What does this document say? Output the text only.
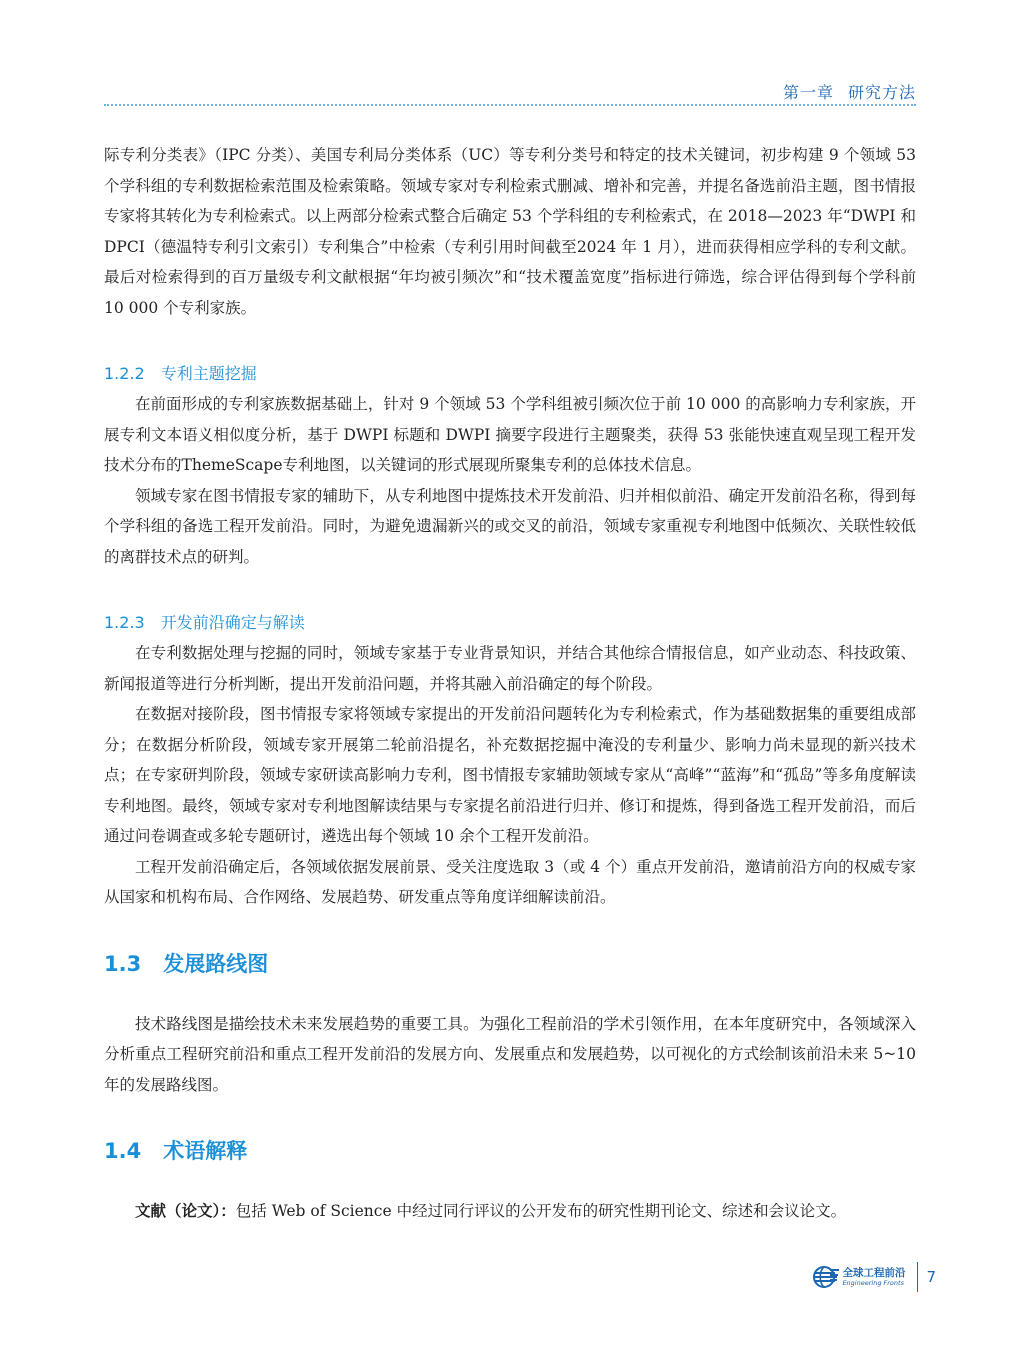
第一章 研究方法

际专利分类表》（IPC 分类）、美国专利局分类体系（UC）等专利分类号和特定的技术关键词，初步构建 9 个领域 53 个学科组的专利数据检索范围及检索策略。领域专家对专利检索式删减、增补和完善，并提名备选前沿主题，图书情报专家将其转化为专利检索式。以上两部分检索式整合后确定 53 个学科组的专利检索式，在 2018—2023 年“DWPI 和 DPCI（德温特专利引文索引）专利集合”中检索（专利引用时间截至2024 年 1 月），进而获得相应学科的专利文献。最后对检索得到的百万量级专利文献根据“年均被引频次”和“技术覆盖宽度”指标进行筛选，综合评估得到每个学科前 10 000 个专利家族。

1.2.2 专利主题挖掘

在前面形成的专利家族数据基础上，针对 9 个领域 53 个学科组被引频次位于前 10 000 的高影响力专利家族，开展专利文本语义相似度分析，基于 DWPI 标题和 DWPI 摘要字段进行主题聚类，获得 53 张能快速直观呈现工程开发技术分布的ThemeScape专利地图，以关键词的形式展现所聚集专利的总体技术信息。

领域专家在图书情报专家的辅助下，从专利地图中提炼技术开发前沿、归并相似前沿、确定开发前沿名称，得到每个学科组的备选工程开发前沿。同时，为避免遗漏新兴的或交叉的前沿，领域专家重视专利地图中低频次、关联性较低的离群技术点的研判。

1.2.3 开发前沿确定与解读

在专利数据处理与挖掘的同时，领域专家基于专业背景知识，并结合其他综合情报信息，如产业动态、科技政策、新闻报道等进行分析判断，提出开发前沿问题，并将其融入前沿确定的每个阶段。

在数据对接阶段，图书情报专家将领域专家提出的开发前沿问题转化为专利检索式，作为基础数据集的重要组成部分；在数据分析阶段，领域专家开展第二轮前沿提名，补充数据挖掘中淹没的专利量少、影响力尚未显现的新兴技术点；在专家研判阶段，领域专家研读高影响力专利，图书情报专家辅助领域专家从“高峰”“蓝海”和“孤岛”等多角度解读专利地图。最终，领域专家对专利地图解读结果与专家提名前沿进行归并、修订和提炼，得到备选工程开发前沿，而后通过问卷调查或多轮专题研讨，遴选出每个领域 10 余个工程开发前沿。

工程开发前沿确定后，各领域依据发展前景、受关注度选取 3（或 4 个）重点开发前沿，邀请前沿方向的权威专家从国家和机构布局、合作网络、发展趋势、研发重点等角度详细解读前沿。

1.3 发展路线图

技术路线图是描绘技术未来发展趋势的重要工具。为强化工程前沿的学术引领作用，在本年度研究中，各领域深入分析重点工程研究前沿和重点工程开发前沿的发展方向、发展重点和发展趋势，以可视化的方式绘制该前沿未来 5~10 年的发展路线图。

1.4 术语解释

文献（论文）：包括 Web of Science 中经过同行评议的公开发布的研究性期刊论文、综述和会议论文。

全球工程前沿
Engineering Fronts 7
